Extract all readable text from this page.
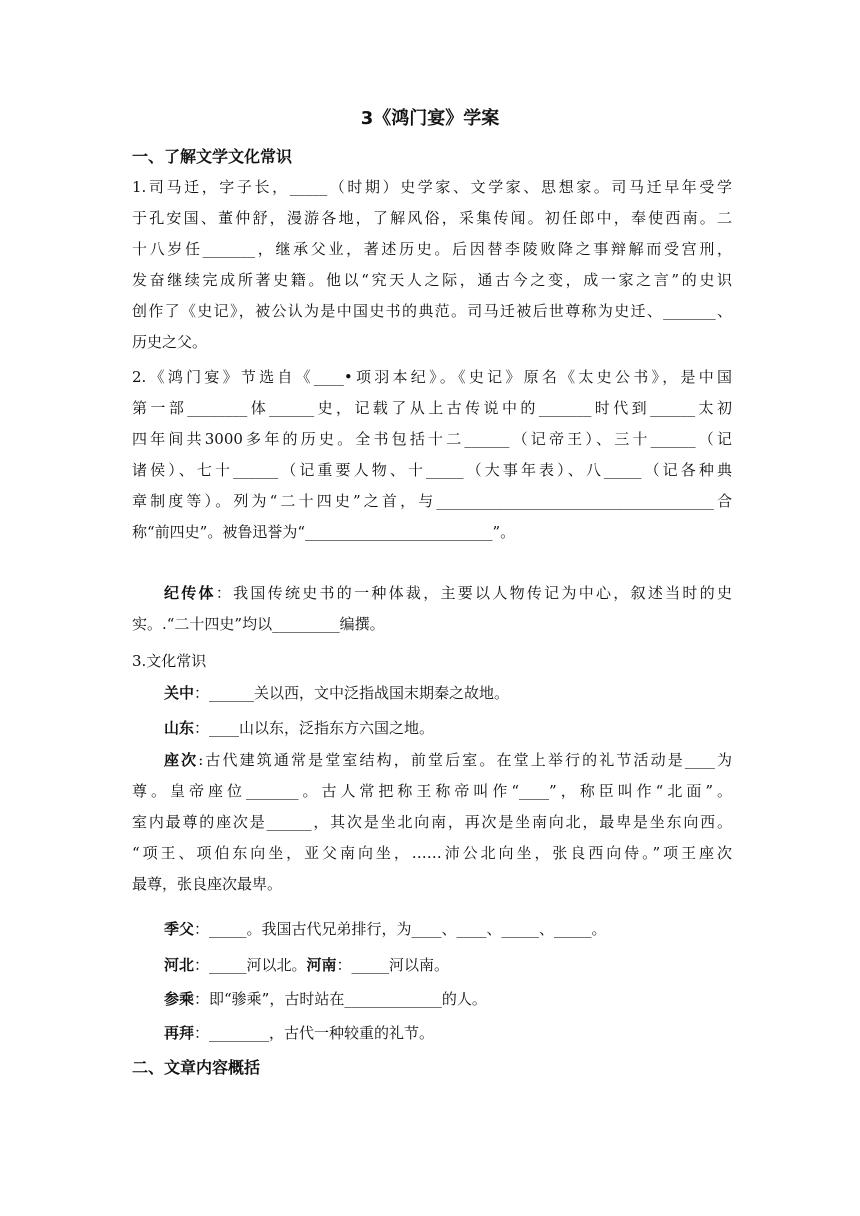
3《鸿门宴》学案
一、了解文学文化常识
1.司马迁，字子长，_____（时期）史学家、文学家、思想家。司马迁早年受学
于孔安国、董仲舒，漫游各地，了解风俗，采集传闻。初任郎中，奉使西南。二
十八岁任_______，继承父业，著述历史。后因替李陵败降之事辩解而受宫刑，
发奋继续完成所著史籍。他以“究天人之际，通古今之变，成一家之言”的史识
创作了《史记》，被公认为是中国史书的典范。司马迁被后世尊称为史迁、_______、
历史之父。
2.《鸿门宴》节选自《____•项羽本纪》。《史记》原名《太史公书》，是中国
第一部________体______史，记载了从上古传说中的_______时代到______太初
四年间共3000多年的历史。全书包括十二______（记帝王）、三十______（记
诸侯）、七十______（记重要人物、十_____（大事年表）、八_____（记各种典
章制度等）。列为“二十四史”之首，与_____________________________________合
称“前四史”。被鲁迅誉为“_________________________”。
纪传体：我国传统史书的一种体裁，主要以人物传记为中心，叙述当时的史
实。.“二十四史”均以_________编撰。
3.文化常识
关中：______关以西，文中泛指战国末期秦之故地。
山东：____山以东，泛指东方六国之地。
座次:古代建筑通常是堂室结构，前堂后室。在堂上举行的礼节活动是____为
尊。皇帝座位_______。古人常把称王称帝叫作“____”，称臣叫作“北面”。
室内最尊的座次是______，其次是坐北向南，再次是坐南向北，最卑是坐东向西。
“项王、项伯东向坐，亚父南向坐，……沛公北向坐，张良西向侍。”项王座次
最尊，张良座次最卑。
季父：_____。我国古代兄弟排行，为____、____、_____、_____。
河北：_____河以北。河南：_____河以南。
参乘：即“骖乘”，古时站在_____________的人。
再拜：________，古代一种较重的礼节。
二、文章内容概括
